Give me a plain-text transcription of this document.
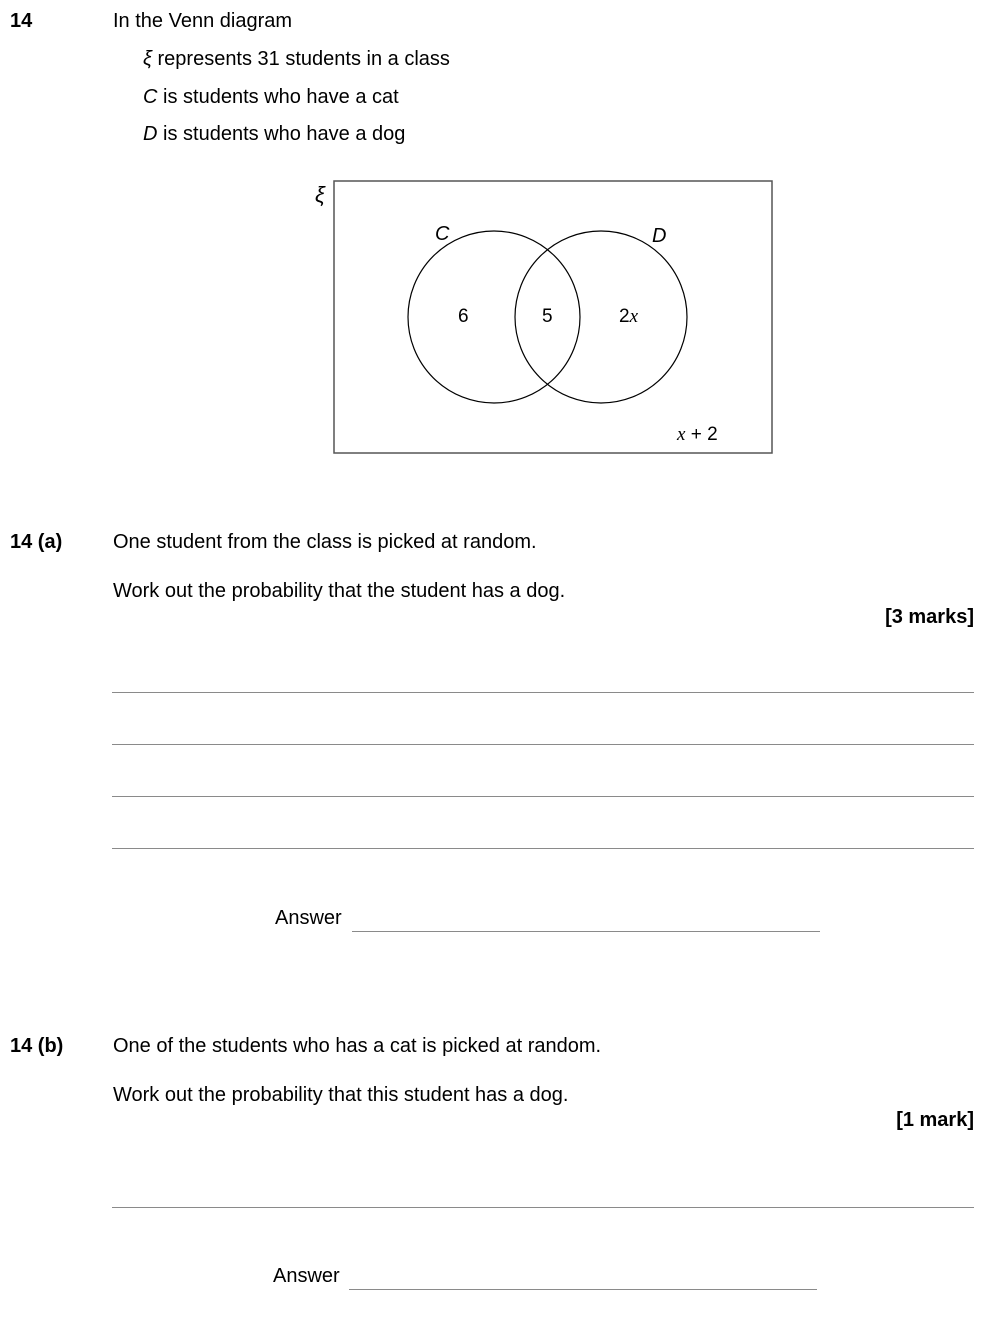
14	In the Venn diagram
ξ represents 31 students in a class
C is students who have a cat
D is students who have a dog
ξ
C	D
6	5	2x
x + 2
14 (a)	One student from the class is picked at random.
Work out the probability that the student has a dog.
[3 marks]
Answer
14 (b) One of the students who has a cat is picked at random.
Work out the probability that this student has a dog.
[1 mark]
Answer
